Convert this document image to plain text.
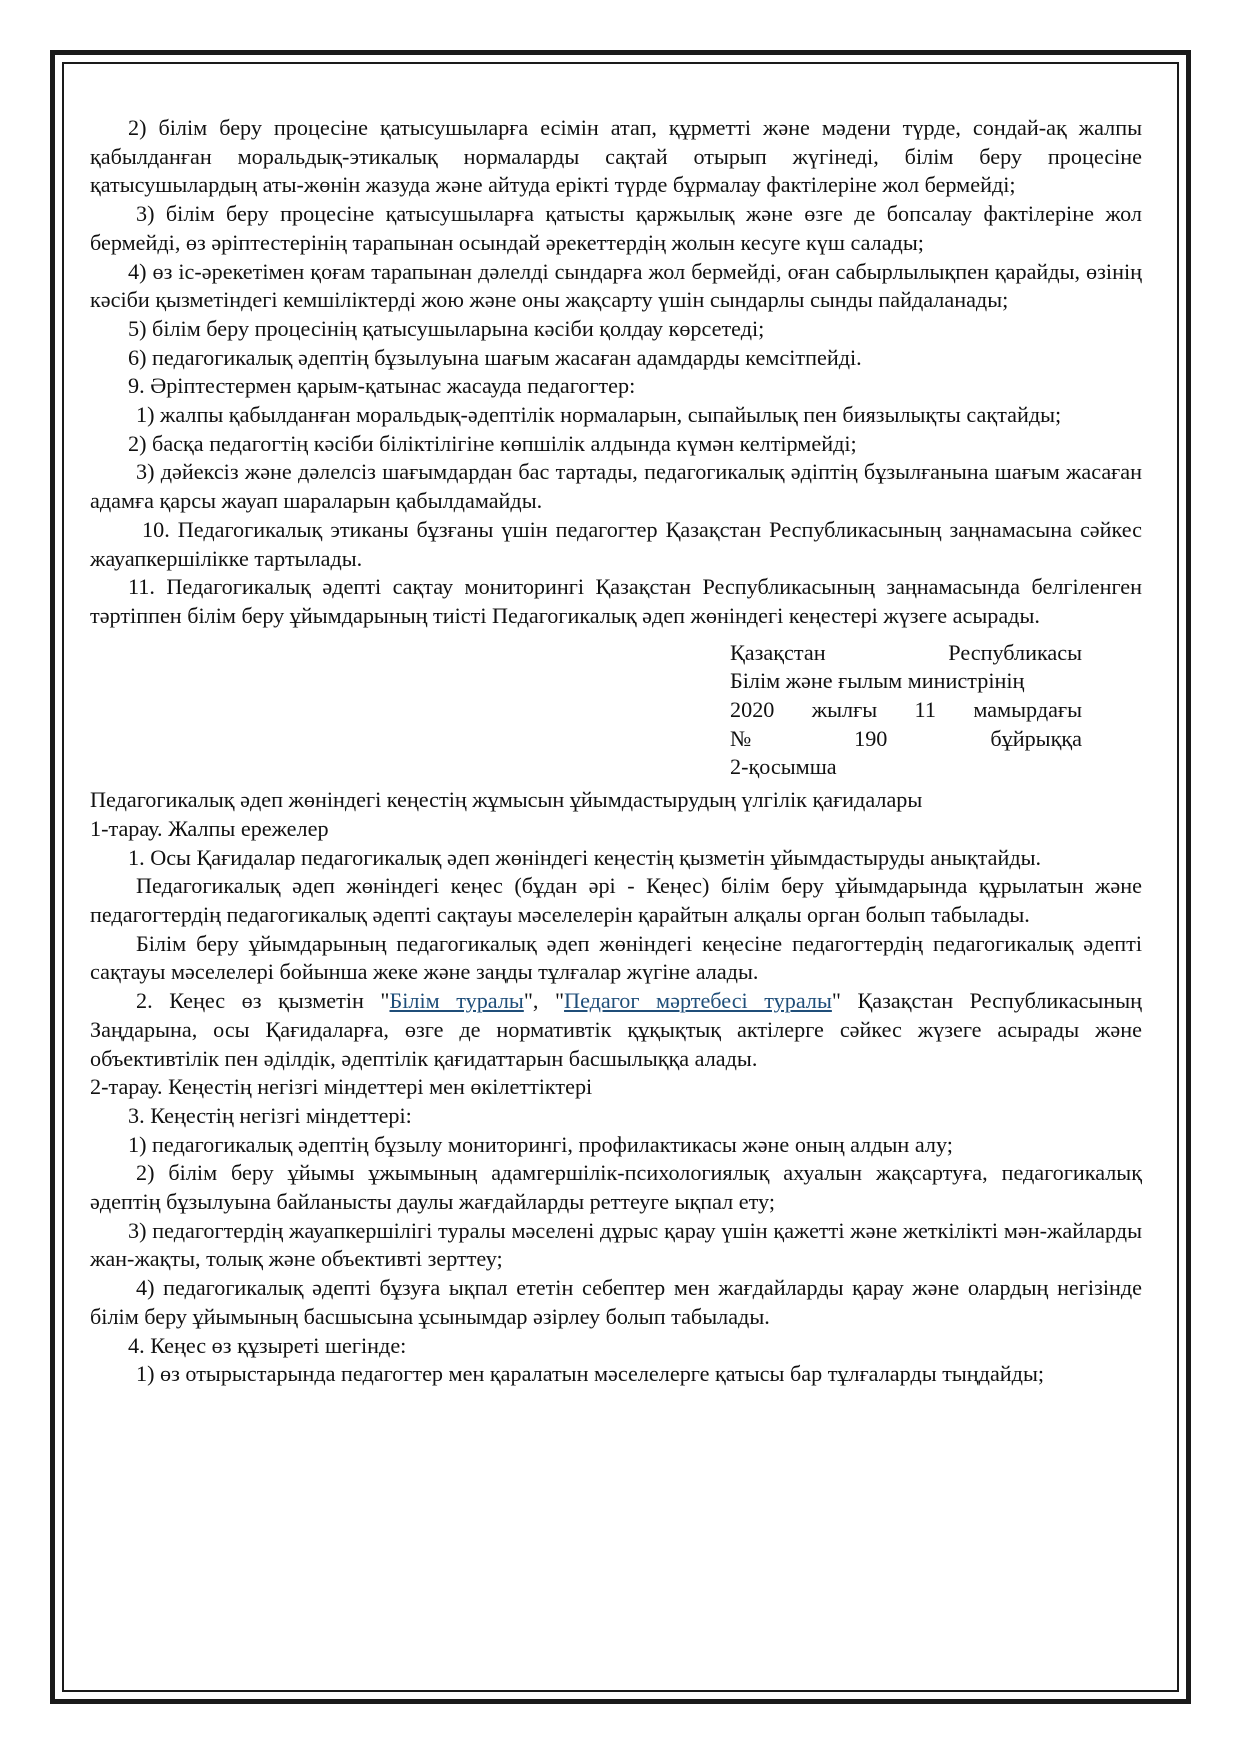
2) білім беру процесіне қатысушыларға есімін атап, құрметті және мәдени түрде, сондай-ақ жалпы қабылданған моральдық-этикалық нормаларды сақтай отырып жүгінеді, білім беру процесіне қатысушылардың аты-жөнін жазуда және айтуда ерікті түрде бұрмалау фактілеріне жол бермейді;

3) білім беру процесіне қатысушыларға қатысты қаржылық және өзге де бопсалау фактілеріне жол бермейді, өз әріптестерінің тарапынан осындай әрекеттердің жолын кесуге күш салады;

4) өз іс-әрекетімен қоғам тарапынан дәлелді сындарға жол бермейді, оған сабырлылықпен қарайды, өзінің кәсіби қызметіндегі кемшіліктерді жою және оны жақсарту үшін сындарлы сынды пайдаланады;

5) білім беру процесінің қатысушыларына кәсіби қолдау көрсетеді;

6) педагогикалық әдептің бұзылуына шағым жасаған адамдарды кемсітпейді.

9. Әріптестермен қарым-қатынас жасауда педагогтер:

1) жалпы қабылданған моральдық-әдептілік нормаларын, сыпайылық пен биязылықты сақтайды;

2) басқа педагогтің кәсіби біліктілігіне көпшілік алдында күмән келтірмейді;

3) дәйексіз және дәлелсіз шағымдардан бас тартады, педагогикалық әдіптің бұзылғанына шағым жасаған адамға қарсы жауап шараларын қабылдамайды.

10. Педагогикалық этиканы бұзғаны үшін педагогтер Қазақстан Республикасының заңнамасына сәйкес жауапкершілікке тартылады.

11. Педагогикалық әдепті сақтау мониторингі Қазақстан Республикасының заңнамасында белгіленген тәртіппен білім беру ұйымдарының тиісті Педагогикалық әдеп жөніндегі кеңестері жүзеге асырады.

Қазақстан	Республикасы
Білім және ғылым министрінің
2020 жылғы 11 мамырдағы
№	190	бұйрыққа
2-қосымша

Педагогикалық әдеп жөніндегі кеңестің жұмысын ұйымдастырудың үлгілік қағидалары

1-тарау. Жалпы ережелер

1. Осы Қағидалар педагогикалық әдеп жөніндегі кеңестің қызметін ұйымдастыруды анықтайды.

Педагогикалық әдеп жөніндегі кеңес (бұдан әрі - Кеңес) білім беру ұйымдарында құрылатын және педагогтердің педагогикалық әдепті сақтауы мәселелерін қарайтын алқалы орган болып табылады.

Білім беру ұйымдарының педагогикалық әдеп жөніндегі кеңесіне педагогтердің педагогикалық әдепті сақтауы мәселелері бойынша жеке және заңды тұлғалар жүгіне алады.

2. Кеңес өз қызметін "Білім туралы", "Педагог мәртебесі туралы" Қазақстан Республикасының Заңдарына, осы Қағидаларға, өзге де нормативтік құқықтық актілерге сәйкес жүзеге асырады және объективтілік пен әділдік, әдептілік қағидаттарын басшылыққа алады.

2-тарау. Кеңестің негізгі міндеттері мен өкілеттіктері

3. Кеңестің негізгі міндеттері:

1) педагогикалық әдептің бұзылу мониторингі, профилактикасы және оның алдын алу;

2) білім беру ұйымы ұжымының адамгершілік-психологиялық ахуалын жақсартуға, педагогикалық әдептің бұзылуына байланысты даулы жағдайларды реттеуге ықпал ету;

3) педагогтердің жауапкершілігі туралы мәселені дұрыс қарау үшін қажетті және жеткілікті мән-жайларды жан-жақты, толық және объективті зерттеу;

4) педагогикалық әдепті бұзуға ықпал ететін себептер мен жағдайларды қарау және олардың негізінде білім беру ұйымының басшысына ұсынымдар әзірлеу болып табылады.

4. Кеңес өз құзыреті шегінде:

1) өз отырыстарында педагогтер мен қаралатын мәселелерге қатысы бар тұлғаларды тыңдайды;
